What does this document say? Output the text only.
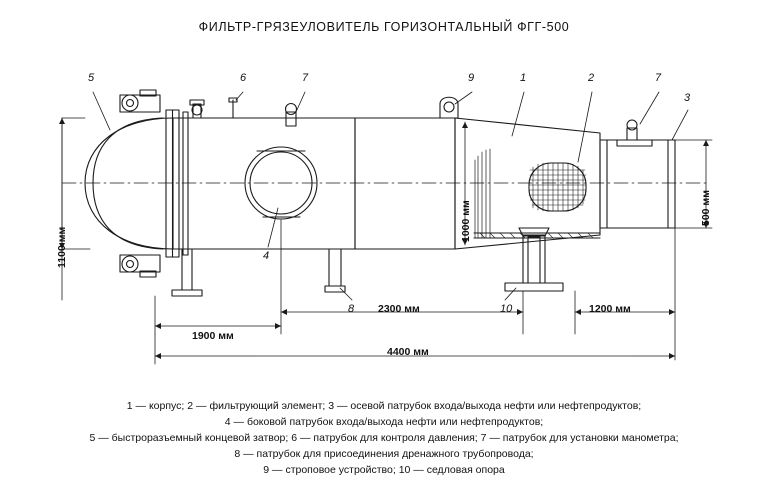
ФИЛЬТР-ГРЯЗЕУЛОВИТЕЛЬ ГОРИЗОНТАЛЬНЫЙ ФГГ-500
5	6	7	9	1	2	7
3
4
8	10
1100 мм
1000 мм	500 мм
1900 мм
2300 мм	1200 мм
4400 мм
1 — корпус; 2 — фильтрующий элемент; 3 — осевой патрубок входа/выхода нефти или нефтепродуктов;
4 — боковой патрубок входа/выхода нефти или нефтепродуктов;
5 — быстроразъемный концевой затвор; 6 — патрубок для контроля давления; 7 — патрубок для установки манометра;
8 — патрубок для присоединения дренажного трубопровода;
9 — строповое устройство; 10 — седловая опора
